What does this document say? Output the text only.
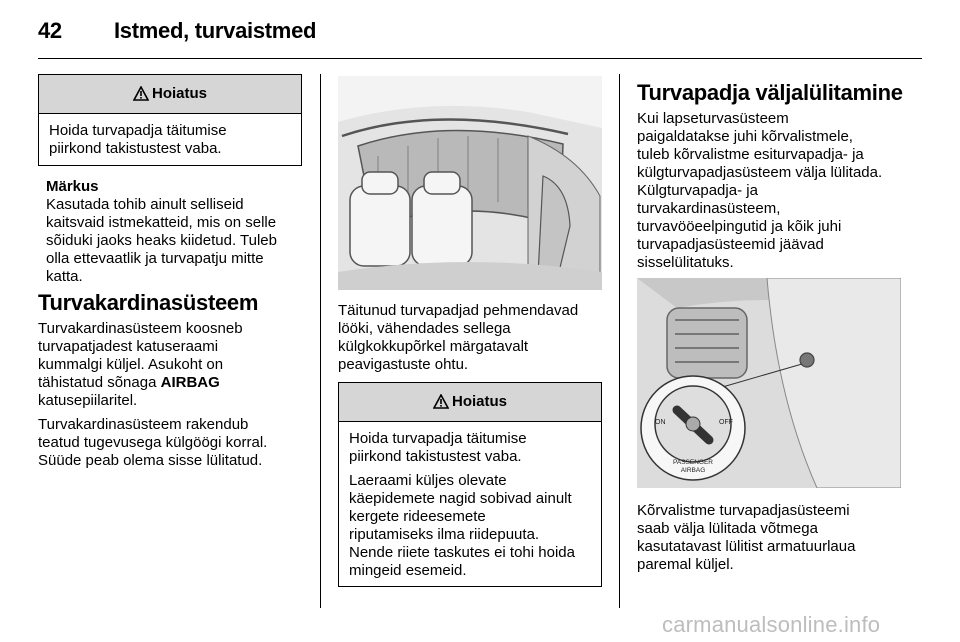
42 Istmed, turvaistmed
Hoiatus

Hoida turvapadja täitumise piirkond takistustest vaba.

Märkus

Kasutada tohib ainult selliseid

kaitsvaid istmekatteid, mis on selle

sõiduki jaoks heaks kiidetud. Tuleb

olla ettevaatlik ja turvapatju mitte

katta.

Turvakardinasüsteem

Turvakardinasüsteem koosneb

turvapatjadest katuseraami

kummalgi küljel. Asukoht on

tähistatud sõnaga AIRBAG

katusepiilaritel.

Turvakardinasüsteem rakendub

teatud tugevusega külgöögi korral.

Süüde peab olema sisse lülitatud.

Täitunud turvapadjad pehmendavad

lööki, vähendades sellega

külgkokkupõrkel märgatavalt

peavigastuste ohtu.

Hoiatus

Hoida turvapadja täitumise
piirkond takistustest vaba.

Laeraami küljes olevate
käepidemete nagid sobivad ainult
kergete rideesemete
riputamiseks ilma riidepuuta.
Nende riiete taskutes ei tohi hoida
mingeid esemeid.

Turvapadja väljalülitamine

Kui lapseturvasüsteem

paigaldatakse juhi kõrvalistmele,

tuleb kõrvalistme esiturvapadja- ja

külgturvapadjasüsteem välja lülitada.

Külgturvapadja- ja

turvakardinasüsteem,

turvavööeelpingutid ja kõik juhi

turvapadjasüsteemid jäävad

sisselülitatuks.

ON	OFF
PASSENGER
AIRBAG

Kõrvalistme turvapadjasüsteemi

saab välja lülitada võtmega

kasutatavast lülitist armatuurlaua

paremal küljel.

carmanualsonline.info
